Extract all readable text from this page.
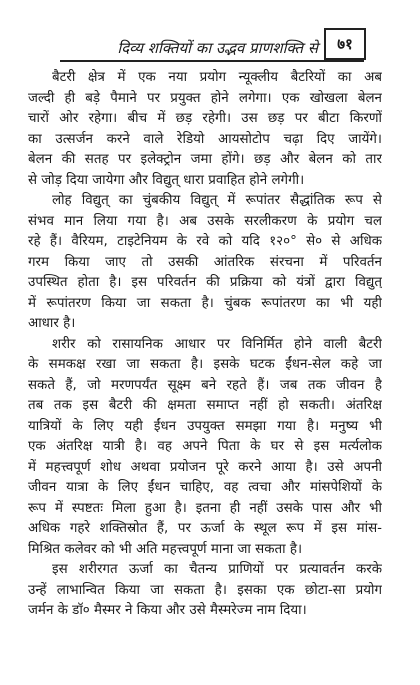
दिव्य शक्तियों का उद्भव प्राणशक्ति से	७१
बैटरी क्षेत्र में एक नया प्रयोग न्यूक्लीय बैटरियों का अब
जल्दी ही बड़े पैमाने पर प्रयुक्त होने लगेगा। एक खोखला बेलन
चारों ओर रहेगा। बीच में छड़ रहेगी। उस छड़ पर बीटा किरणों
का उत्सर्जन करने वाले रेडियो आयसोटोप चढ़ा दिए जायेंगे।
बेलन की सतह पर इलेक्ट्रोन जमा होंगे। छड़ और बेलन को तार
से जोड़ दिया जायेगा और विद्युत् धारा प्रवाहित होने लगेगी।
लोह विद्युत् का चुंबकीय विद्युत् में रूपांतर सैद्धांतिक रूप से
संभव मान लिया गया है। अब उसके सरलीकरण के प्रयोग चल
रहे हैं। वैरियम, टाइटेनियम के रवे को यदि १२०° से० से अधिक
गरम किया जाए तो उसकी आंतरिक संरचना में परिवर्तन
उपस्थित होता है। इस परिवर्तन की प्रक्रिया को यंत्रों द्वारा विद्युत्
में रूपांतरण किया जा सकता है। चुंबक रूपांतरण का भी यही
आधार है।
शरीर को रासायनिक आधार पर विनिर्मित होने वाली बैटरी
के समकक्ष रखा जा सकता है। इसके घटक ईंधन-सेल कहे जा
सकते हैं, जो मरणपर्यंत सूक्ष्म बने रहते हैं। जब तक जीवन है
तब तक इस बैटरी की क्षमता समाप्त नहीं हो सकती। अंतरिक्ष
यात्रियों के लिए यही ईंधन उपयुक्त समझा गया है। मनुष्य भी
एक अंतरिक्ष यात्री है। वह अपने पिता के घर से इस मर्त्यलोक
में महत्त्वपूर्ण शोध अथवा प्रयोजन पूरे करने आया है। उसे अपनी
जीवन यात्रा के लिए ईंधन चाहिए, वह त्वचा और मांसपेशियों के
रूप में स्पष्टतः मिला हुआ है। इतना ही नहीं उसके पास और भी
अधिक गहरे शक्तिस्रोत हैं, पर ऊर्जा के स्थूल रूप में इस मांस-
मिश्रित कलेवर को भी अति महत्त्वपूर्ण माना जा सकता है।
इस शरीरगत ऊर्जा का चैतन्य प्राणियों पर प्रत्यावर्तन करके
उन्हें लाभान्वित किया जा सकता है। इसका एक छोटा-सा प्रयोग
जर्मन के डॉ० मैस्मर ने किया और उसे मैस्मरेज्म नाम दिया।
